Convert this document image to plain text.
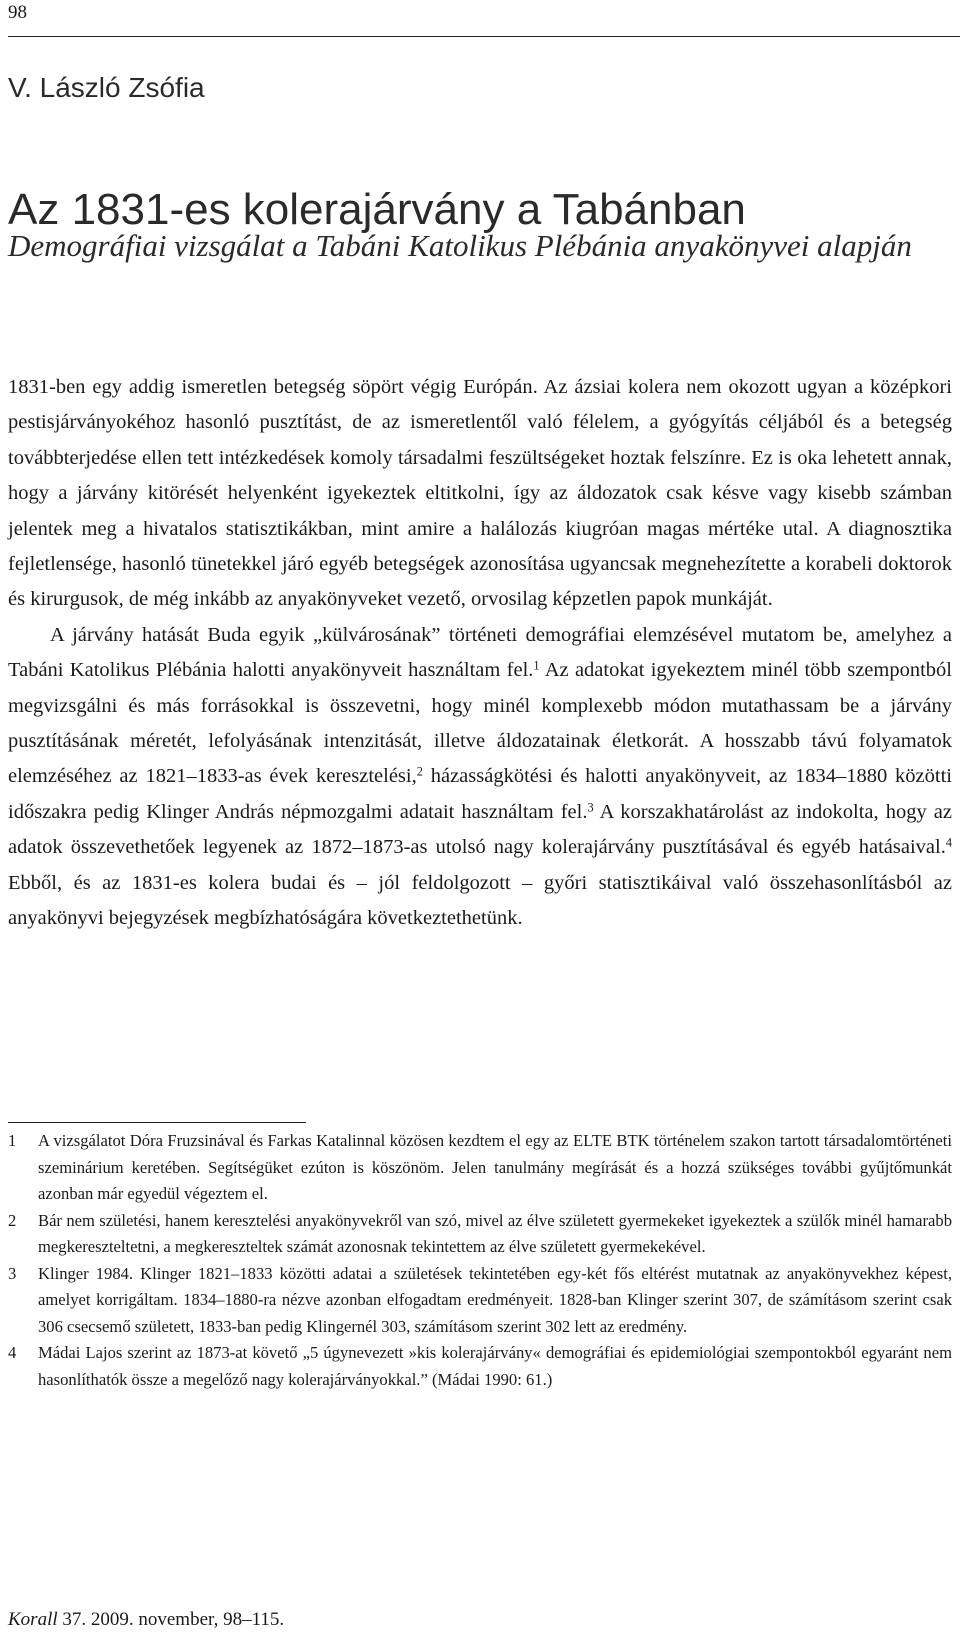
98
V. László Zsófia
Az 1831-es kolerajárvány a Tabánban
Demográfiai vizsgálat a Tabáni Katolikus Plébánia anyakönyvei alapján

1831-ben egy addig ismeretlen betegség söpört végig Európán. Az ázsiai kolera nem okozott ugyan a középkori pestisjárványokéhoz hasonló pusztítást, de az ismeretlentől való félelem, a gyógyítás céljából és a betegség továbbterjedése ellen tett intézkedések komoly társadalmi feszültségeket hoztak felszínre. Ez is oka lehetett annak, hogy a járvány kitörését helyenként igyekeztek eltitkolni, így az áldozatok csak késve vagy kisebb számban jelentek meg a hivatalos statisztikákban, mint amire a halálozás kiugróan magas mértéke utal. A diagnosztika fejletlensége, hasonló tünetekkel járó egyéb betegségek azonosítása ugyancsak megnehezítette a korabeli doktorok és kirurgusok, de még inkább az anyakönyveket vezető, orvosilag képzetlen papok munkáját.

A járvány hatását Buda egyik „külvárosának” történeti demográfiai elemzésével mutatom be, amelyhez a Tabáni Katolikus Plébánia halotti anyakönyveit használtam fel.$^1$ Az adatokat igyekeztem minél több szempontból megvizsgálni és más forrásokkal is összevetni, hogy minél komplexebb módon mutathassam be a járvány pusztításának méretét, lefolyásának intenzitását, illetve áldozatainak életkorát. A hosszabb távú folyamatok elemzéséhez az 1821–1833-as évek keresztelési,$^2$ házasságkötési és halotti anyakönyveit, az 1834–1880 közötti időszakra pedig Klinger András népmozgalmi adatait használtam fel.$^3$ A korszakhatárolást az indokolta, hogy az adatok összevethetőek legyenek az 1872–1873-as utolsó nagy kolerajárvány pusztításával és egyéb hatásaival.$^4$ Ebből, és az 1831-es kolera budai és – jól feldolgozott – győri statisztikáival való összehasonlításból az anyakönyvi bejegyzések megbízhatóságára következtethetünk.

1	A vizsgálatot Dóra Fruzsinával és Farkas Katalinnal közösen kezdtem el egy az ELTE BTK történelem szakon tartott társadalomtörténeti szeminárium keretében. Segítségüket ezúton is köszönöm. Jelen tanulmány megírását és a hozzá szükséges további gyűjtőmunkát azonban már egyedül végeztem el.
2	Bár nem születési, hanem keresztelési anyakönyvekről van szó, mivel az élve született gyermekeket igyekeztek a szülők minél hamarabb megkereszteltetni, a megkereszteltek számát azonosnak tekintettem az élve született gyermekekével.
3	Klinger 1984. Klinger 1821–1833 közötti adatai a születések tekintetében egy-két fős eltérést mutatnak az anyakönyvekhez képest, amelyet korrigáltam. 1834–1880-ra nézve azonban elfogadtam eredményeit. 1828-ban Klinger szerint 307, de számításom szerint csak 306 csecsemő született, 1833-ban pedig Klingernél 303, számításom szerint 302 lett az eredmény.
4	Mádai Lajos szerint az 1873-at követő „5 úgynevezett »kis kolerajárvány« demográfiai és epidemiológiai szempontokból egyaránt nem hasonlíthatók össze a megelőző nagy kolerajárványokkal.” (Mádai 1990: 61.)
Korall 37. 2009. november, 98–115.
